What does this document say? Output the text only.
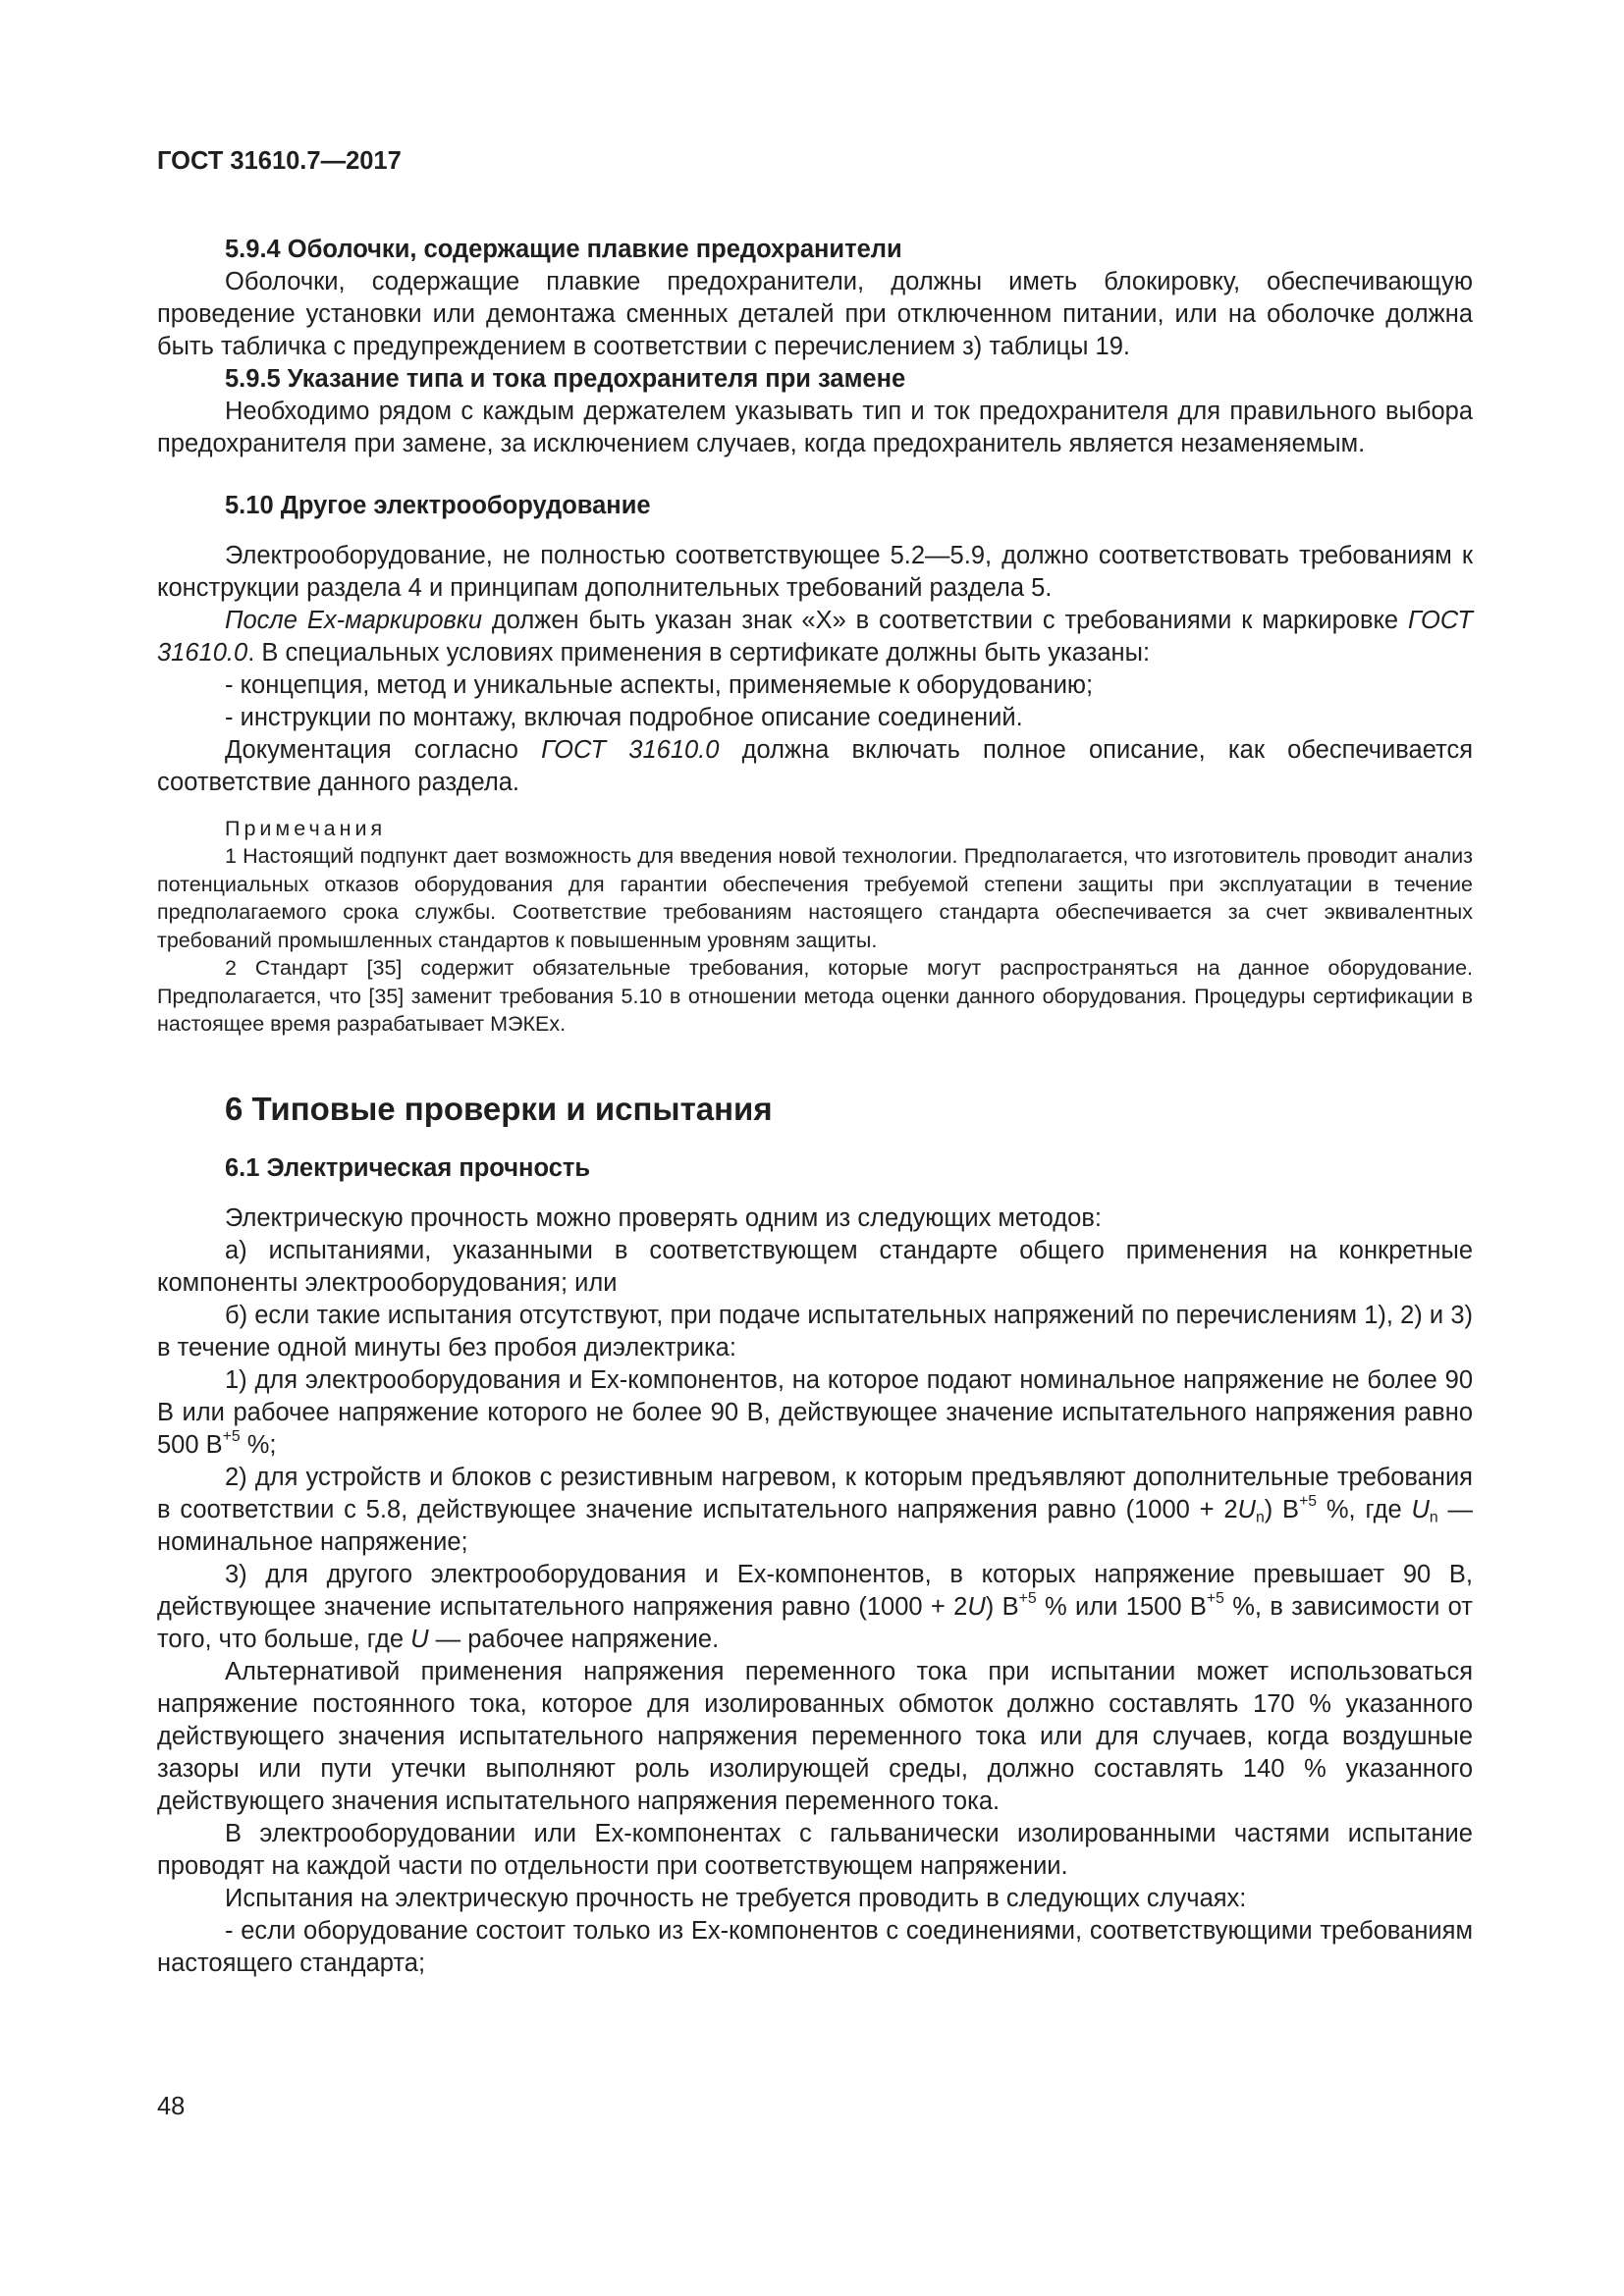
ГОСТ 31610.7—2017

5.9.4 Оболочки, содержащие плавкие предохранители

Оболочки, содержащие плавкие предохранители, должны иметь блокировку, обеспечивающую проведение установки или демонтажа сменных деталей при отключенном питании, или на оболочке должна быть табличка с предупреждением в соответствии с перечислением з) таблицы 19.

5.9.5 Указание типа и тока предохранителя при замене

Необходимо рядом с каждым держателем указывать тип и ток предохранителя для правильного выбора предохранителя при замене, за исключением случаев, когда предохранитель является незаменяемым.

5.10 Другое электрооборудование

Электрооборудование, не полностью соответствующее 5.2—5.9, должно соответствовать требованиям к конструкции раздела 4 и принципам дополнительных требований раздела 5.

После Ex-маркировки должен быть указан знак «X» в соответствии с требованиями к маркировке ГОСТ 31610.0. В специальных условиях применения в сертификате должны быть указаны:

- концепция, метод и уникальные аспекты, применяемые к оборудованию;

- инструкции по монтажу, включая подробное описание соединений.

Документация согласно ГОСТ 31610.0 должна включать полное описание, как обеспечивается соответствие данного раздела.

Примечания

1 Настоящий подпункт дает возможность для введения новой технологии. Предполагается, что изготовитель проводит анализ потенциальных отказов оборудования для гарантии обеспечения требуемой степени защиты при эксплуатации в течение предполагаемого срока службы. Соответствие требованиям настоящего стандарта обеспечивается за счет эквивалентных требований промышленных стандартов к повышенным уровням защиты.

2 Стандарт [35] содержит обязательные требования, которые могут распространяться на данное оборудование. Предполагается, что [35] заменит требования 5.10 в отношении метода оценки данного оборудования. Процедуры сертификации в настоящее время разрабатывает МЭКЕх.

6 Типовые проверки и испытания

6.1 Электрическая прочность

Электрическую прочность можно проверять одним из следующих методов:

а) испытаниями, указанными в соответствующем стандарте общего применения на конкретные компоненты электрооборудования; или

б) если такие испытания отсутствуют, при подаче испытательных напряжений по перечислениям 1), 2) и 3) в течение одной минуты без пробоя диэлектрика:

1) для электрооборудования и Ex-компонентов, на которое подают номинальное напряжение не более 90 В или рабочее напряжение которого не более 90 В, действующее значение испытательного напряжения равно 500 $В^{+5}$ %;

2) для устройств и блоков с резистивным нагревом, к которым предъявляют дополнительные требования в соответствии с 5.8, действующее значение испытательного напряжения равно $(1000 + 2U_n)$ $В^{+5}$ %, где $U_n$ — номинальное напряжение;

3) для другого электрооборудования и Ex-компонентов, в которых напряжение превышает 90 В, действующее значение испытательного напряжения равно (1000 + 2U) $В^{+5}$ % или 1500 $В^{+5}$ %, в зависимости от того, что больше, где U — рабочее напряжение.

Альтернативой применения напряжения переменного тока при испытании может использоваться напряжение постоянного тока, которое для изолированных обмоток должно составлять 170 % указанного действующего значения испытательного напряжения переменного тока или для случаев, когда воздушные зазоры или пути утечки выполняют роль изолирующей среды, должно составлять 140 % указанного действующего значения испытательного напряжения переменного тока.

В электрооборудовании или Ex-компонентах с гальванически изолированными частями испытание проводят на каждой части по отдельности при соответствующем напряжении.

Испытания на электрическую прочность не требуется проводить в следующих случаях:

- если оборудование состоит только из Ex-компонентов с соединениями, соответствующими требованиям настоящего стандарта;

48
